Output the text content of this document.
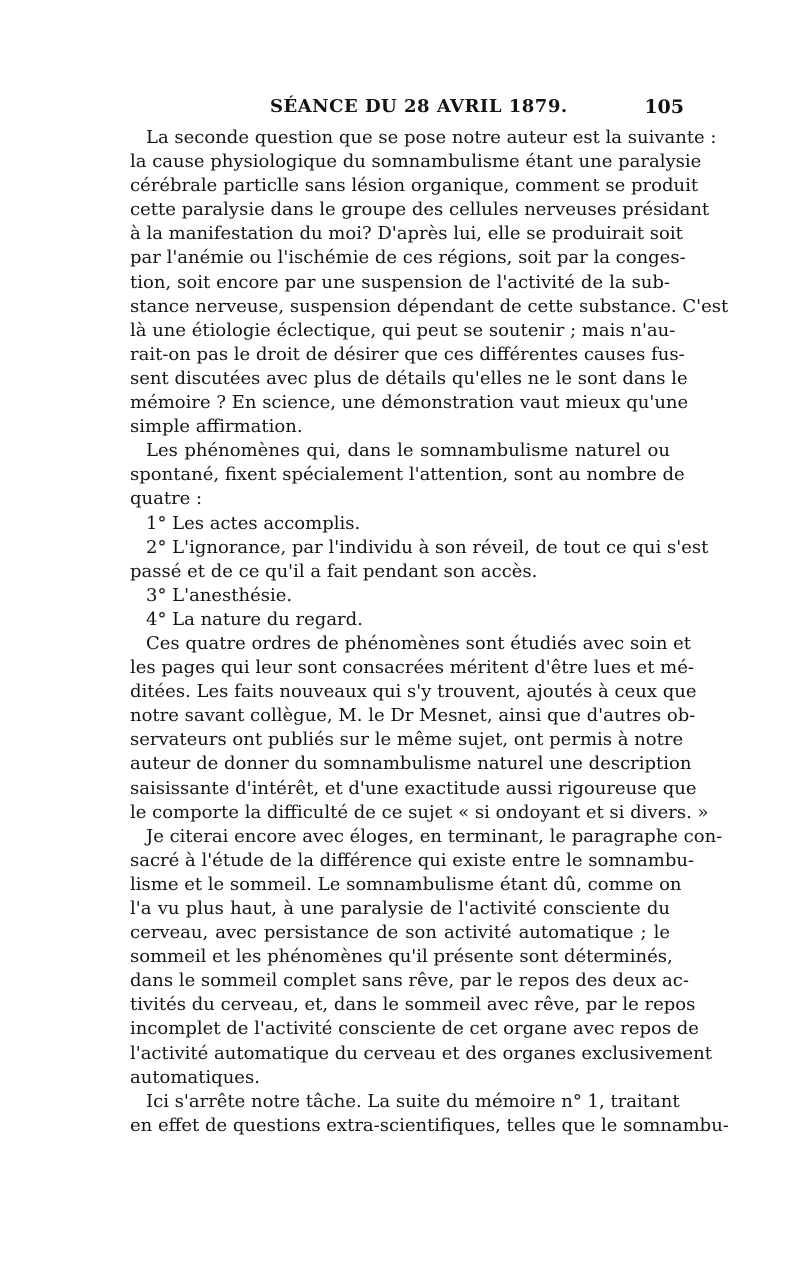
SÉANCE DU 28 AVRIL 1879.	105
La seconde question que se pose notre auteur est la suivante :
la cause physiologique du somnambulisme étant une paralysie
cérébrale particlle sans lésion organique, comment se produit
cette paralysie dans le groupe des cellules nerveuses présidant
à la manifestation du moi? D'après lui, elle se produirait soit
par l'anémie ou l'ischémie de ces régions, soit par la conges-
tion, soit encore par une suspension de l'activité de la sub-
stance nerveuse, suspension dépendant de cette substance. C'est
là une étiologie éclectique, qui peut se soutenir ; mais n'au-
rait-on pas le droit de désirer que ces différentes causes fus-
sent discutées avec plus de détails qu'elles ne le sont dans le
mémoire ? En science, une démonstration vaut mieux qu'une
simple affirmation.
Les phénomènes qui, dans le somnambulisme naturel ou
spontané, fixent spécialement l'attention, sont au nombre de
quatre :
1° Les actes accomplis.
2° L'ignorance, par l'individu à son réveil, de tout ce qui s'est
passé et de ce qu'il a fait pendant son accès.
3° L'anesthésie.
4° La nature du regard.
Ces quatre ordres de phénomènes sont étudiés avec soin et
les pages qui leur sont consacrées méritent d'être lues et mé-
ditées. Les faits nouveaux qui s'y trouvent, ajoutés à ceux que
notre savant collègue, M. le Dr Mesnet, ainsi que d'autres ob-
servateurs ont publiés sur le même sujet, ont permis à notre
auteur de donner du somnambulisme naturel une description
saisissante d'intérêt, et d'une exactitude aussi rigoureuse que
le comporte la difficulté de ce sujet « si ondoyant et si divers. »
Je citerai encore avec éloges, en terminant, le paragraphe con-
sacré à l'étude de la différence qui existe entre le somnambu-
lisme et le sommeil. Le somnambulisme étant dû, comme on
l'a vu plus haut, à une paralysie de l'activité consciente du
cerveau, avec persistance de son activité automatique ; le
sommeil et les phénomènes qu'il présente sont déterminés,
dans le sommeil complet sans rêve, par le repos des deux ac-
tivités du cerveau, et, dans le sommeil avec rêve, par le repos
incomplet de l'activité consciente de cet organe avec repos de
l'activité automatique du cerveau et des organes exclusivement
automatiques.
Ici s'arrête notre tâche. La suite du mémoire n° 1, traitant
en effet de questions extra-scientifiques, telles que le somnambu-
